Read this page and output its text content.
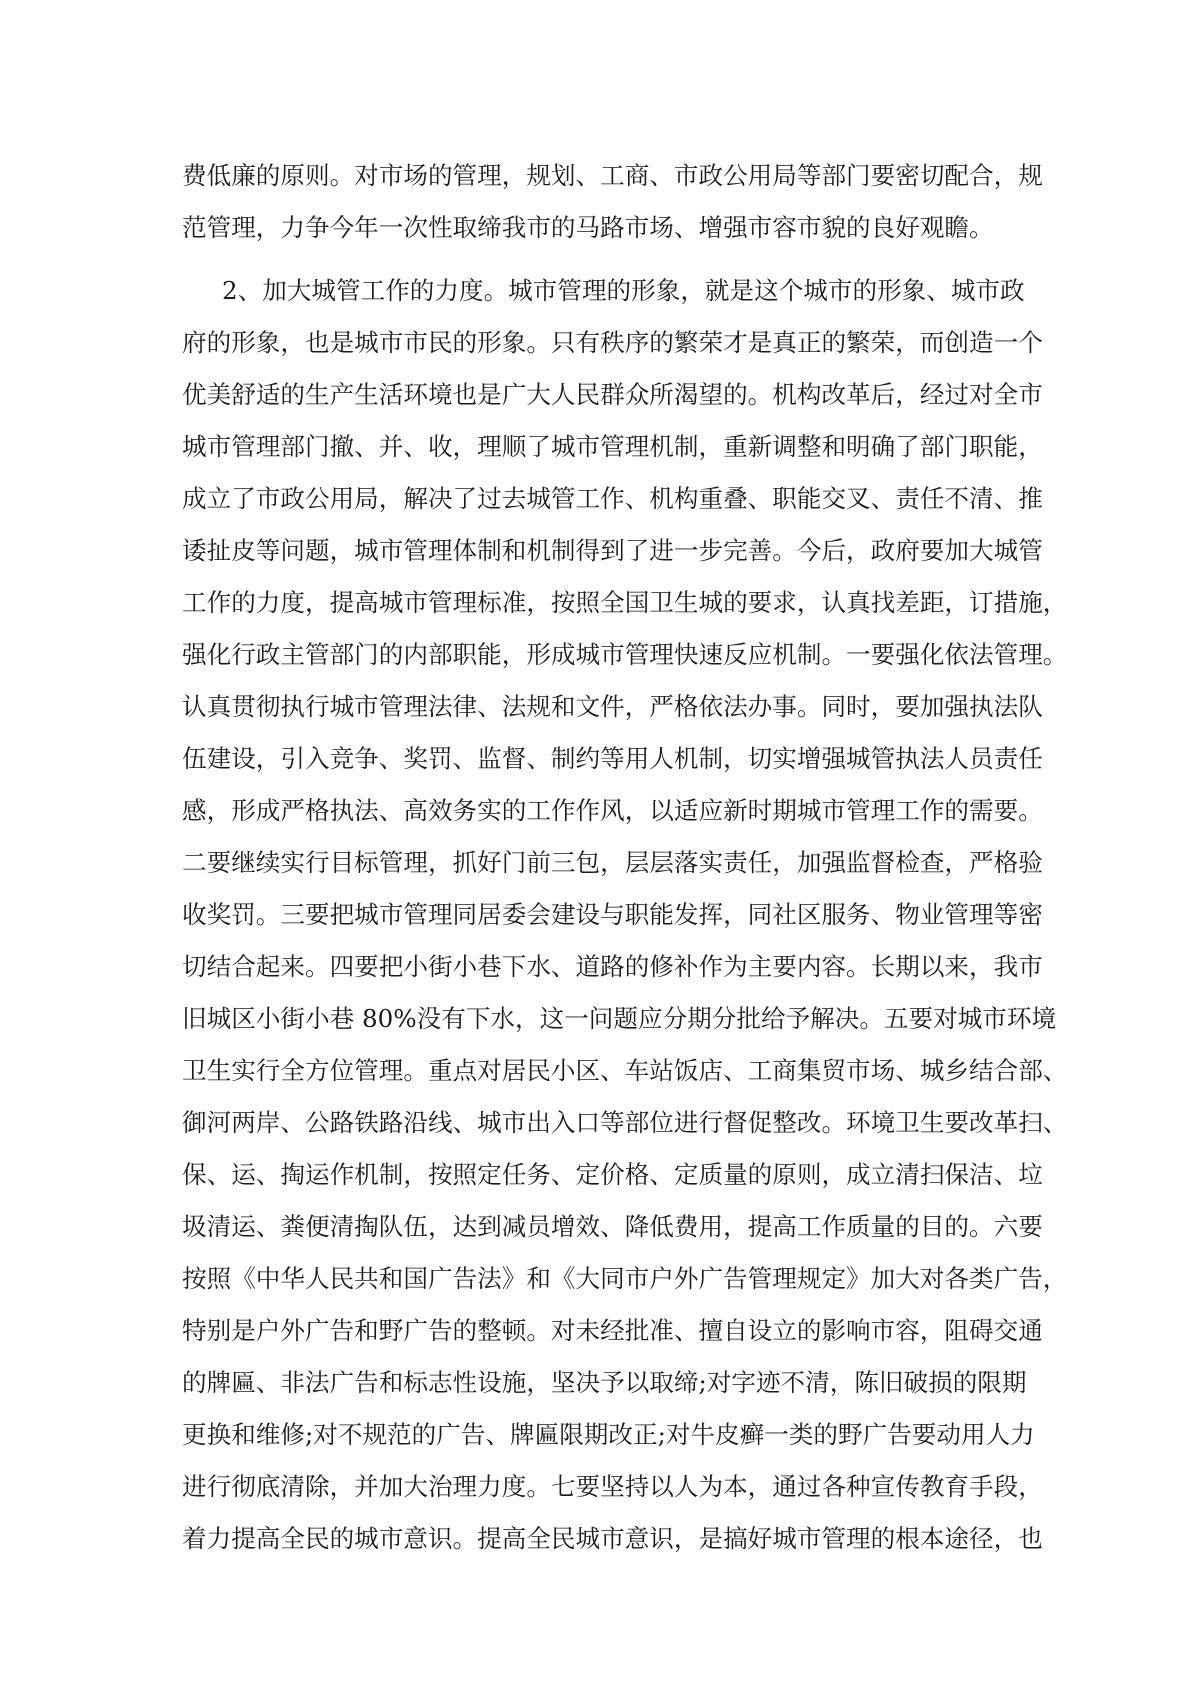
费低廉的原则。对市场的管理，规划、工商、市政公用局等部门要密切配合，规
范管理，力争今年一次性取缔我市的马路市场、增强市容市貌的良好观瞻。
2、加大城管工作的力度。城市管理的形象，就是这个城市的形象、城市政
府的形象，也是城市市民的形象。只有秩序的繁荣才是真正的繁荣，而创造一个
优美舒适的生产生活环境也是广大人民群众所渴望的。机构改革后，经过对全市
城市管理部门撤、并、收，理顺了城市管理机制，重新调整和明确了部门职能，
成立了市政公用局，解决了过去城管工作、机构重叠、职能交叉、责任不清、推
诿扯皮等问题，城市管理体制和机制得到了进一步完善。今后，政府要加大城管
工作的力度，提高城市管理标准，按照全国卫生城的要求，认真找差距，订措施，
强化行政主管部门的内部职能，形成城市管理快速反应机制。一要强化依法管理。
认真贯彻执行城市管理法律、法规和文件，严格依法办事。同时，要加强执法队
伍建设，引入竞争、奖罚、监督、制约等用人机制，切实增强城管执法人员责任
感，形成严格执法、高效务实的工作作风，以适应新时期城市管理工作的需要。
二要继续实行目标管理，抓好门前三包，层层落实责任，加强监督检查，严格验
收奖罚。三要把城市管理同居委会建设与职能发挥，同社区服务、物业管理等密
切结合起来。四要把小街小巷下水、道路的修补作为主要内容。长期以来，我市
旧城区小街小巷 80%没有下水，这一问题应分期分批给予解决。五要对城市环境
卫生实行全方位管理。重点对居民小区、车站饭店、工商集贸市场、城乡结合部、
御河两岸、公路铁路沿线、城市出入口等部位进行督促整改。环境卫生要改革扫、
保、运、掏运作机制，按照定任务、定价格、定质量的原则，成立清扫保洁、垃
圾清运、粪便清掏队伍，达到减员增效、降低费用，提高工作质量的目的。六要
按照《中华人民共和国广告法》和《大同市户外广告管理规定》加大对各类广告，
特别是户外广告和野广告的整顿。对未经批准、擅自设立的影响市容，阻碍交通
的牌匾、非法广告和标志性设施，坚决予以取缔;对字迹不清，陈旧破损的限期
更换和维修;对不规范的广告、牌匾限期改正;对牛皮癣一类的野广告要动用人力
进行彻底清除，并加大治理力度。七要坚持以人为本，通过各种宣传教育手段，
着力提高全民的城市意识。提高全民城市意识，是搞好城市管理的根本途径，也
